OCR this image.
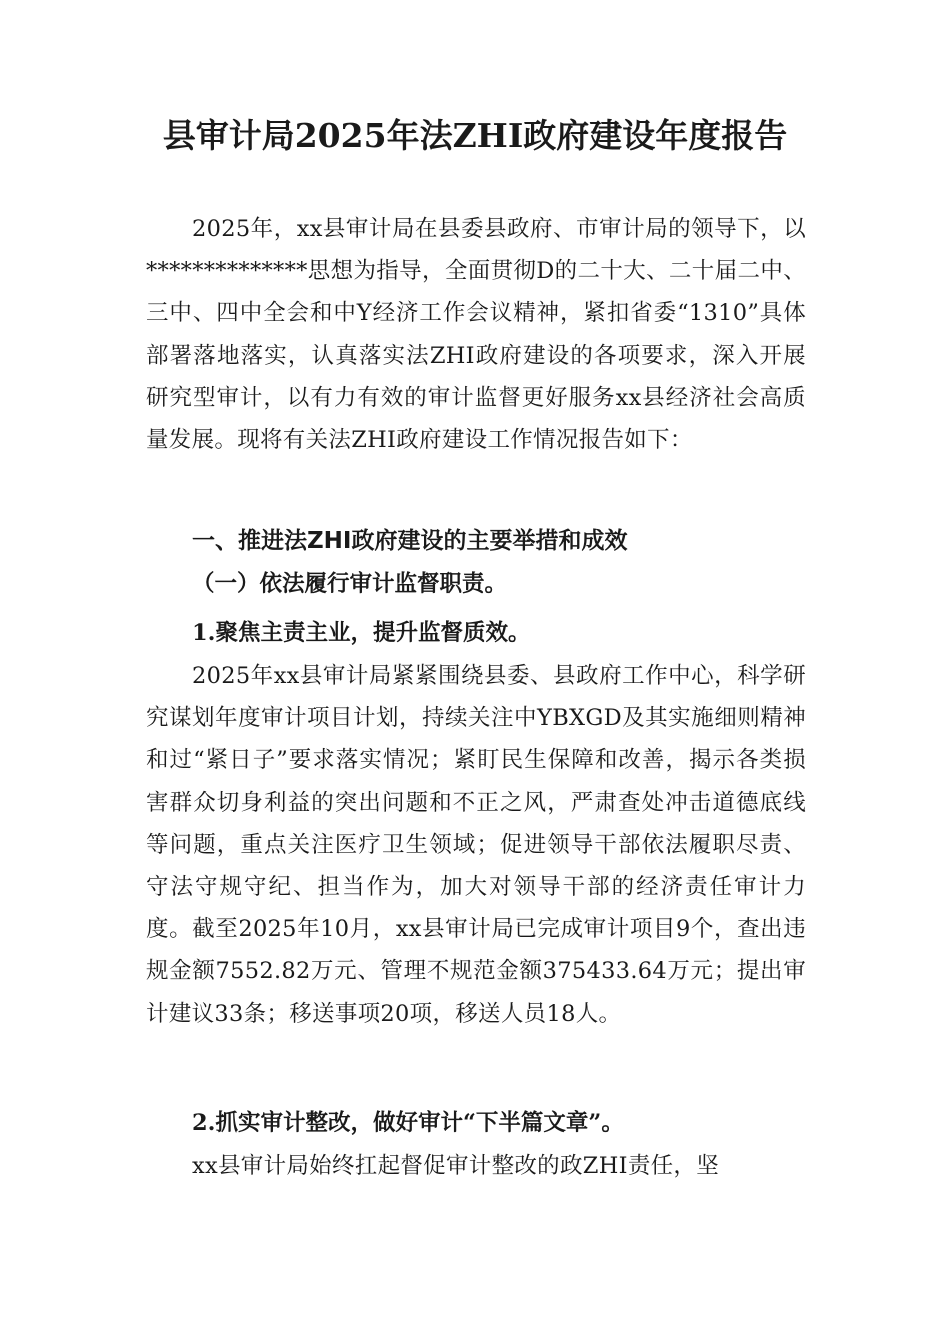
县审计局2025年法ZHI政府建设年度报告

2025年，xx县审计局在县委县政府、市审计局的领导下，以**************思想为指导，全面贯彻D的二十大、二十届二中、三中、四中全会和中Y经济工作会议精神，紧扣省委“1310”具体部署落地落实，认真落实法ZHI政府建设的各项要求，深入开展研究型审计，以有力有效的审计监督更好服务xx县经济社会高质量发展。现将有关法ZHI政府建设工作情况报告如下：

一、推进法ZHI政府建设的主要举措和成效
（一）依法履行审计监督职责。
1.聚焦主责主业，提升监督质效。

2025年xx县审计局紧紧围绕县委、县政府工作中心，科学研究谋划年度审计项目计划，持续关注中YBXGD及其实施细则精神和过“紧日子”要求落实情况；紧盯民生保障和改善，揭示各类损害群众切身利益的突出问题和不正之风，严肃查处冲击道德底线等问题，重点关注医疗卫生领域；促进领导干部依法履职尽责、守法守规守纪、担当作为，加大对领导干部的经济责任审计力度。截至2025年10月，xx县审计局已完成审计项目9个，查出违规金额7552.82万元、管理不规范金额375433.64万元；提出审计建议33条；移送事项20项，移送人员18人。

2.抓实审计整改，做好审计“下半篇文章”。

xx县审计局始终扛起督促审计整改的政ZHI责任，坚
